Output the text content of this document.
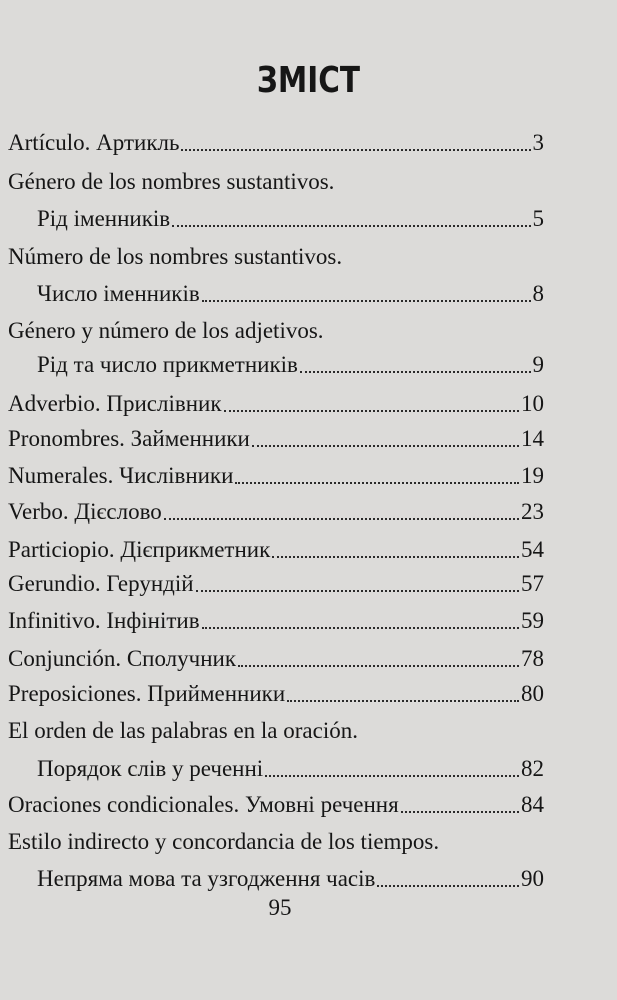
ЗМІСТ
Artículo. Артикль	3
Género de los nombres sustantivos.
Рід іменників	5
Número de los nombres sustantivos.
Число іменників	8
Género y número de los adjetivos.
Рід та число прикметників	9
Adverbio. Прислівник	10
Pronombres. Займенники	14
Numerales. Числівники	19
Verbo. Дієслово	23
Particiopio. Дієприкметник	54
Gerundio. Герундій	57
Infinitivo. Інфінітив	59
Conjunción. Сполучник	78
Preposiciones. Прийменники	80
El orden de las palabras en la oración.
Порядок слів у реченні	82
Oraciones condicionales. Умовні речення	84
Estilo indirecto y concordancia de los tiempos.
Непряма мова та узгодження часів	90
95
